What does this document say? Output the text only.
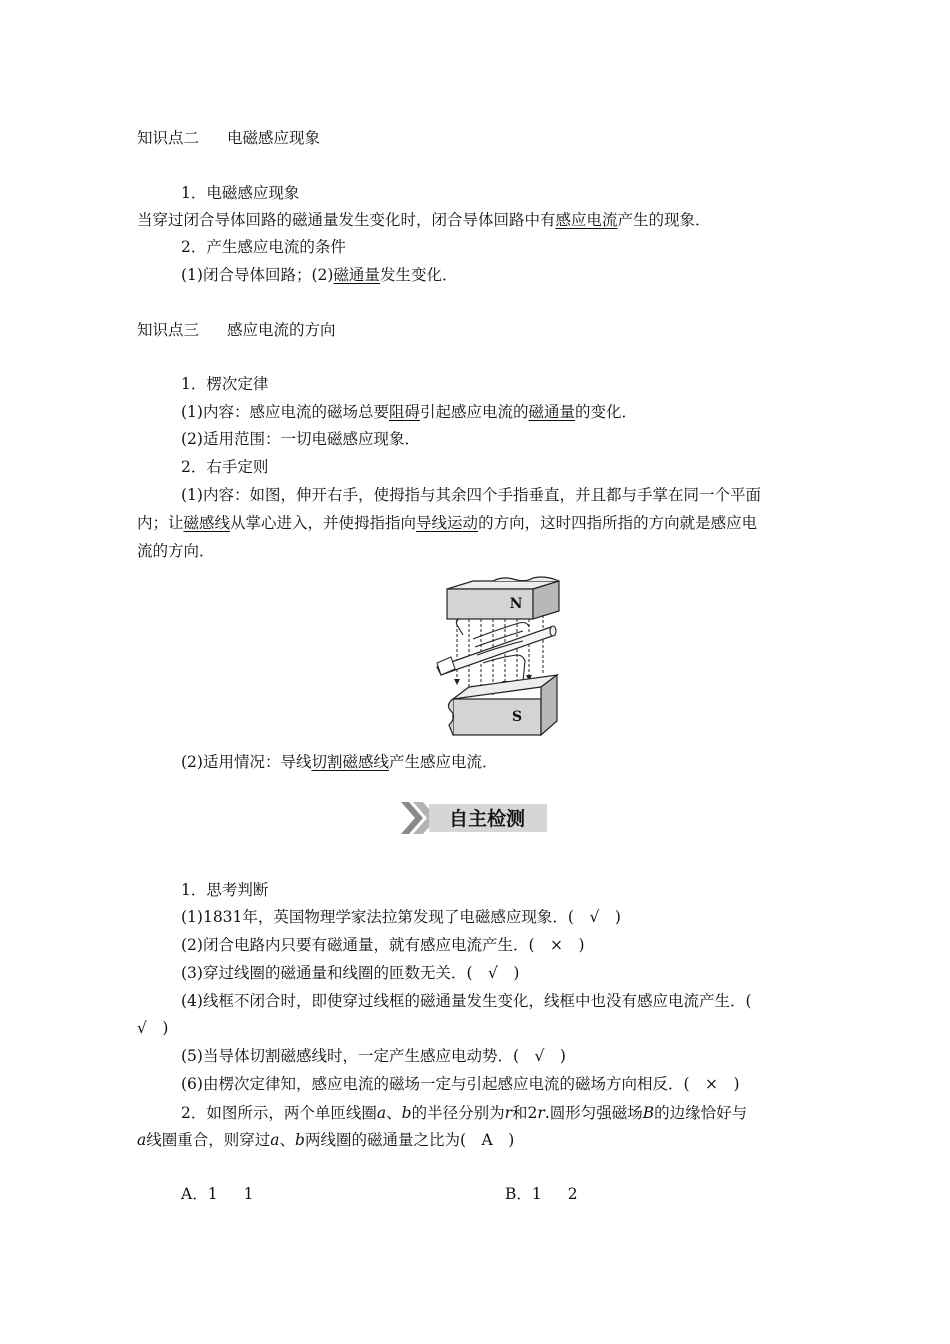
知识点二 电磁感应现象
1．电磁感应现象
当穿过闭合导体回路的磁通量发生变化时，闭合导体回路中有感应电流产生的现象．
2．产生感应电流的条件
(1)闭合导体回路；(2)磁通量发生变化．
知识点三 感应电流的方向
1．楞次定律
(1)内容：感应电流的磁场总要阻碍引起感应电流的磁通量的变化．
(2)适用范围：一切电磁感应现象．
2．右手定则
(1)内容：如图，伸开右手，使拇指与其余四个手指垂直，并且都与手掌在同一个平面
内；让磁感线从掌心进入，并使拇指指向导线运动的方向，这时四指所指的方向就是感应电
流的方向．
N
S
(2)适用情况：导线切割磁感线产生感应电流．
自主检测
1．思考判断
(1)1831年，英国物理学家法拉第发现了电磁感应现象．(　√　)
(2)闭合电路内只要有磁通量，就有感应电流产生．(　×　)
(3)穿过线圈的磁通量和线圈的匝数无关．(　√　)
(4)线框不闭合时，即使穿过线框的磁通量发生变化，线框中也没有感应电流产生．(
√　)
(5)当导体切割磁感线时，一定产生感应电动势．(　√　)
(6)由楞次定律知，感应电流的磁场一定与引起感应电流的磁场方向相反．(　×　)
2．如图所示，两个单匝线圈a、b的半径分别为r和2r.圆形匀强磁场B的边缘恰好与
a线圈重合，则穿过a、b两线圈的磁通量之比为(　A　)
A．1 1	B．1 2
